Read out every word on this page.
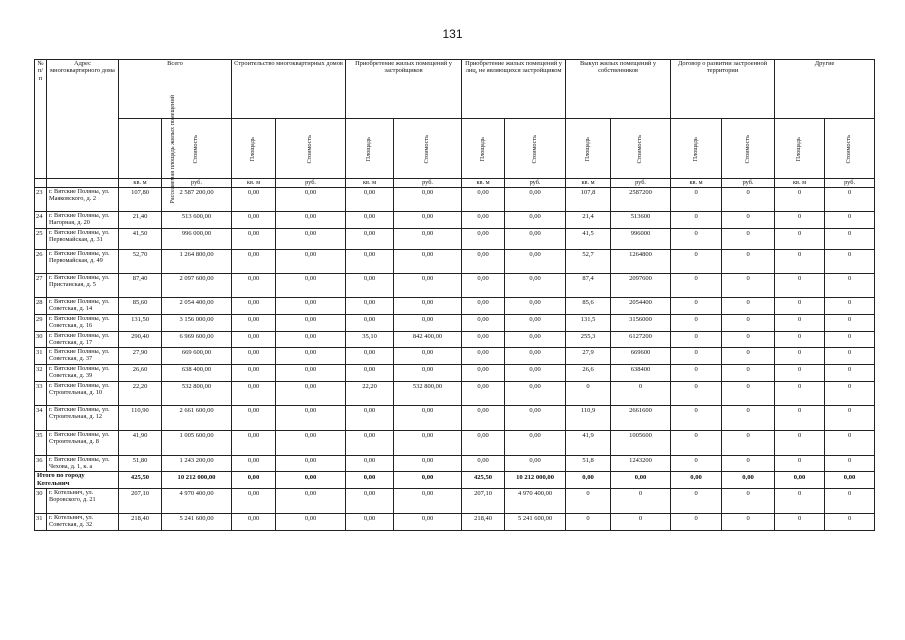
131
№ п/п	Адрес многоквартирного дома	Всего		Строительство многоквартирных домов		Приобретение жилых помещений у застройщиков		Приобретение жилых помещений у лиц, не являющихся застройщиком		Выкуп жилых помещений у собственников		Договор о развитии застроенной территории		Другие	
		Расселяемая площадь жилых помещений	Стоимость	Площадь	Стоимость	Площадь	Стоимость	Площадь	Стоимость	Площадь	Стоимость	Площадь	Стоимость	Площадь	Стоимость
		кв. м	руб.	кв. м	руб.	кв. м	руб.	кв. м	руб.	кв. м	руб.	кв. м	руб.	кв. м	руб.
23	г. Вятские Поляны, ул. Маяковского, д. 2	107,80	2 587 200,00	0,00	0,00	0,00	0,00	0,00	0,00	107,8	2587200	0	0	0	0
24	г. Вятские Поляны, ул. Нагорная, д. 20	21,40	513 600,00	0,00	0,00	0,00	0,00	0,00	0,00	21,4	513600	0	0	0	0
25	г. Вятские Поляны, ул. Первомайская, д. 31	41,50	996 000,00	0,00	0,00	0,00	0,00	0,00	0,00	41,5	996000	0	0	0	0
26	г. Вятские Поляны, ул. Первомайская, д. 49	52,70	1 264 800,00	0,00	0,00	0,00	0,00	0,00	0,00	52,7	1264800	0	0	0	0
27	г. Вятские Поляны, ул. Пристанская, д. 5	87,40	2 097 600,00	0,00	0,00	0,00	0,00	0,00	0,00	87,4	2097600	0	0	0	0
28	г. Вятские Поляны, ул. Советская, д. 14	85,60	2 054 400,00	0,00	0,00	0,00	0,00	0,00	0,00	85,6	2054400	0	0	0	0
29	г. Вятские Поляны, ул. Советская, д. 16	131,50	3 156 000,00	0,00	0,00	0,00	0,00	0,00	0,00	131,5	3156000	0	0	0	0
30	г. Вятские Поляны, ул. Советская, д. 17	290,40	6 969 600,00	0,00	0,00	35,10	842 400,00	0,00	0,00	255,3	6127200	0	0	0	0
31	г. Вятские Поляны, ул. Советская, д. 37	27,90	669 600,00	0,00	0,00	0,00	0,00	0,00	0,00	27,9	669600	0	0	0	0
32	г. Вятские Поляны, ул. Советская, д. 39	26,60	638 400,00	0,00	0,00	0,00	0,00	0,00	0,00	26,6	638400	0	0	0	0
33	г. Вятские Поляны, ул. Строительная, д. 10	22,20	532 800,00	0,00	0,00	22,20	532 800,00	0,00	0,00	0	0	0	0	0	0
34	г. Вятские Поляны, ул. Строительная, д. 12	110,90	2 661 600,00	0,00	0,00	0,00	0,00	0,00	0,00	110,9	2661600	0	0	0	0
35	г. Вятские Поляны, ул. Строительная, д. 8	41,90	1 005 600,00	0,00	0,00	0,00	0,00	0,00	0,00	41,9	1005600	0	0	0	0
36	г. Вятские Поляны, ул. Чехова, д. 1, к. а	51,80	1 243 200,00	0,00	0,00	0,00	0,00	0,00	0,00	51,8	1243200	0	0	0	0
Итого по городу Котельнич		425,50	10 212 000,00	0,00	0,00	0,00	0,00	425,50	10 212 000,00	0,00	0,00	0,00	0,00	0,00	0,00
30	г. Котельнич, ул. Воровского, д. 21	207,10	4 970 400,00	0,00	0,00	0,00	0,00	207,10	4 970 400,00	0	0	0	0	0	0
31	г. Котельнич, ул. Советская, д. 32	218,40	5 241 600,00	0,00	0,00	0,00	0,00	218,40	5 241 600,00	0	0	0	0	0	0
